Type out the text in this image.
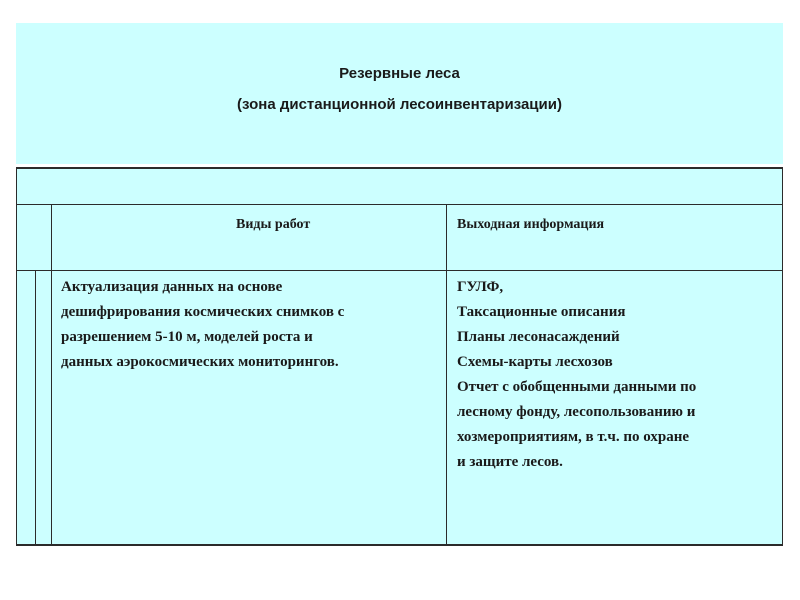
Резервные леса
(зона дистанционной лесоинвентаризации)
Виды работ	Выходная информация
Актуализация данных на основе
дешифрирования космических снимков с
разрешением 5-10 м, моделей роста и
данных аэрокосмических мониторингов.
ГУЛФ,
Таксационные описания
Планы лесонасаждений
Схемы-карты лесхозов
Отчет с обобщенными данными по
лесному фонду, лесопользованию и
хозмероприятиям, в т.ч. по охране
и защите лесов.
